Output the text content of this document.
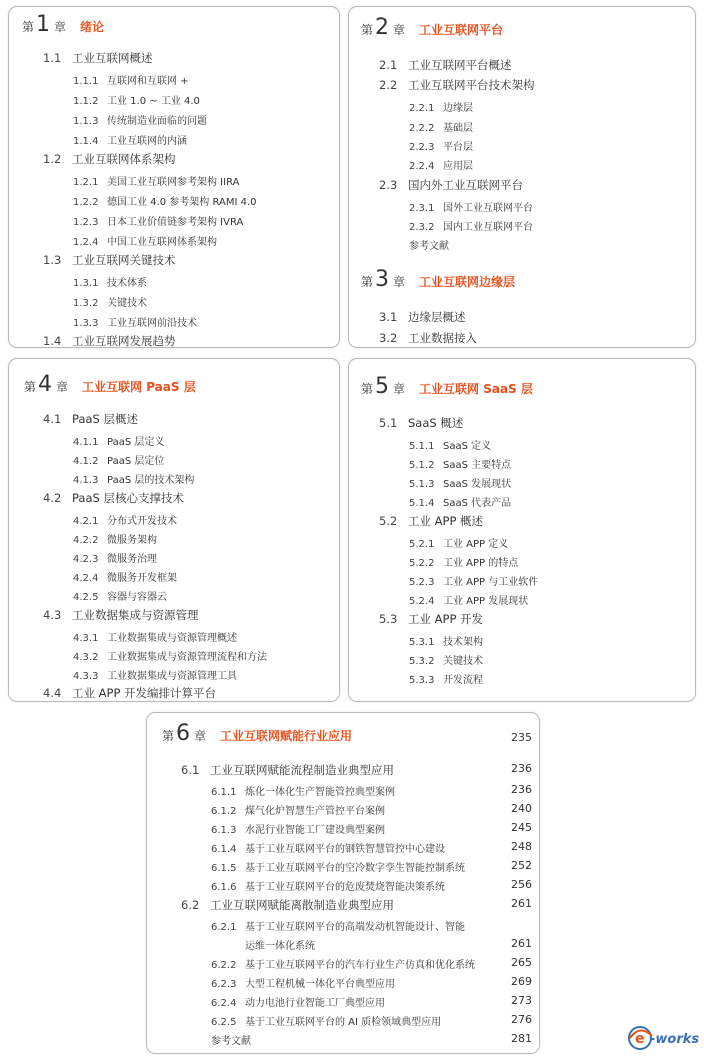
第 1 章 绪论
1.1 工业互联网概述
1.1.1 互联网和互联网 +
1.1.2 工业 1.0 ~ 工业 4.0
1.1.3 传统制造业面临的问题
1.1.4 工业互联网的内涵
1.2 工业互联网体系架构
1.2.1 美国工业互联网参考架构 IIRA
1.2.2 德国工业 4.0 参考架构 RAMI 4.0
1.2.3 日本工业价值链参考架构 IVRA
1.2.4 中国工业互联网体系架构
1.3 工业互联网关键技术
1.3.1 技术体系
1.3.2 关键技术
1.3.3 工业互联网前沿技术
1.4 工业互联网发展趋势
第 2 章 工业互联网平台
2.1 工业互联网平台概述
2.2 工业互联网平台技术架构
2.2.1 边缘层
2.2.2 基础层
2.2.3 平台层
2.2.4 应用层
2.3 国内外工业互联网平台
2.3.1 国外工业互联网平台
2.3.2 国内工业互联网平台
参考文献
第 3 章 工业互联网边缘层
3.1 边缘层概述
3.2 工业数据接入
第 4 章 工业互联网 PaaS 层
4.1 PaaS 层概述
4.1.1 PaaS 层定义
4.1.2 PaaS 层定位
4.1.3 PaaS 层的技术架构
4.2 PaaS 层核心支撑技术
4.2.1 分布式开发技术
4.2.2 微服务架构
4.2.3 微服务治理
4.2.4 微服务开发框架
4.2.5 容器与容器云
4.3 工业数据集成与资源管理
4.3.1 工业数据集成与资源管理概述
4.3.2 工业数据集成与资源管理流程和方法
4.3.3 工业数据集成与资源管理工具
4.4 工业 APP 开发编排计算平台
第 5 章 工业互联网 SaaS 层
5.1 SaaS 概述
5.1.1 SaaS 定义
5.1.2 SaaS 主要特点
5.1.3 SaaS 发展现状
5.1.4 SaaS 代表产品
5.2 工业 APP 概述
5.2.1 工业 APP 定义
5.2.2 工业 APP 的特点
5.2.3 工业 APP 与工业软件
5.2.4 工业 APP 发展现状
5.3 工业 APP 开发
5.3.1 技术架构
5.3.2 关键技术
5.3.3 开发流程
第 6 章 工业互联网赋能行业应用	235
6.1 工业互联网赋能流程制造业典型应用	236
6.1.1 炼化一体化生产智能管控典型案例	236
6.1.2 煤气化炉智慧生产管控平台案例	240
6.1.3 水泥行业智能工厂建设典型案例	245
6.1.4 基于工业互联网平台的钢铁智慧管控中心建设	248
6.1.5 基于工业互联网平台的空冷数字孪生智能控制系统	252
6.1.6 基于工业互联网平台的危废焚烧智能决策系统	256
6.2 工业互联网赋能离散制造业典型应用	261
6.2.1 基于工业互联网平台的高端发动机智能设计、智能
运维一体化系统	261
6.2.2 基于工业互联网平台的汽车行业生产仿真和优化系统	265
6.2.3 大型工程机械一体化平台典型应用	269
6.2.4 动力电池行业智能工厂典型应用	273
6.2.5 基于工业互联网平台的 AI 质检领域典型应用	276
参考文献	281	e -works
